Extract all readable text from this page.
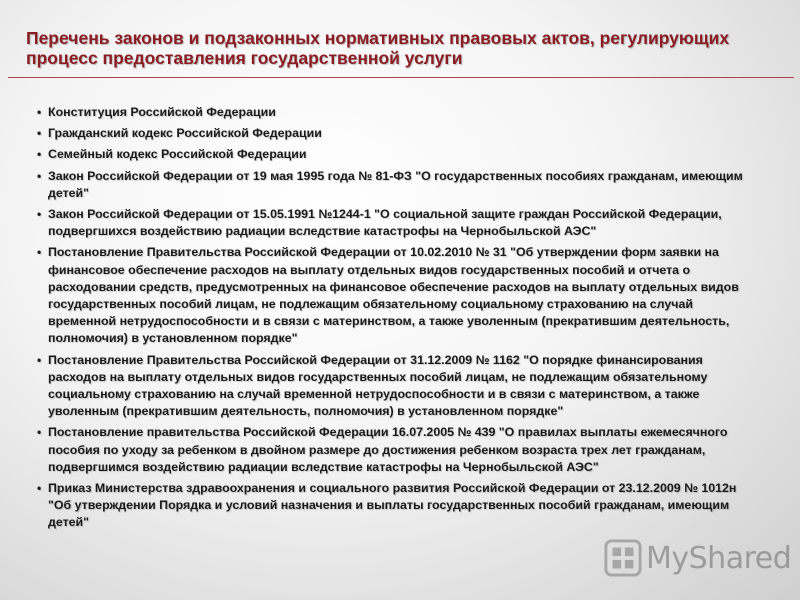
Перечень законов и подзаконных нормативных правовых актов, регулирующих процесс предоставления государственной услуги
• Конституция Российской Федерации
• Гражданский кодекс Российской Федерации
• Семейный кодекс Российской Федерации
• Закон Российской Федерации от 19 мая 1995 года № 81-ФЗ "О государственных пособиях гражданам, имеющим детей"
• Закон Российской Федерации от 15.05.1991 №1244-1 "О социальной защите граждан Российской Федерации, подвергшихся воздействию радиации вследствие катастрофы на Чернобыльской АЭС"
• Постановление Правительства Российской Федерации от 10.02.2010 № 31 "Об утверждении форм заявки на финансовое обеспечение расходов на выплату отдельных видов государственных пособий и отчета о расходовании средств, предусмотренных на финансовое обеспечение расходов на выплату отдельных видов государственных пособий лицам, не подлежащим обязательному социальному страхованию на случай временной нетрудоспособности и в связи с материнством, а также уволенным (прекратившим деятельность, полномочия) в установленном порядке"
• Постановление Правительства Российской Федерации от 31.12.2009 № 1162 "О порядке финансирования расходов на выплату отдельных видов государственных пособий лицам, не подлежащим обязательному социальному страхованию на случай временной нетрудоспособности и в связи с материнством, а также уволенным (прекратившим деятельность, полномочия) в установленном порядке"
• Постановление правительства Российской Федерации 16.07.2005 № 439 "О правилах выплаты ежемесячного пособия по уходу за ребенком в двойном размере до достижения ребенком возраста трех лет гражданам, подвергшимся воздействию радиации вследствие катастрофы на Чернобыльской АЭС"
• Приказ Министерства здравоохранения и социального развития Российской Федерации от 23.12.2009 № 1012н "Об утверждении Порядка и условий назначения и выплаты государственных пособий гражданам, имеющим детей"
MyShared
